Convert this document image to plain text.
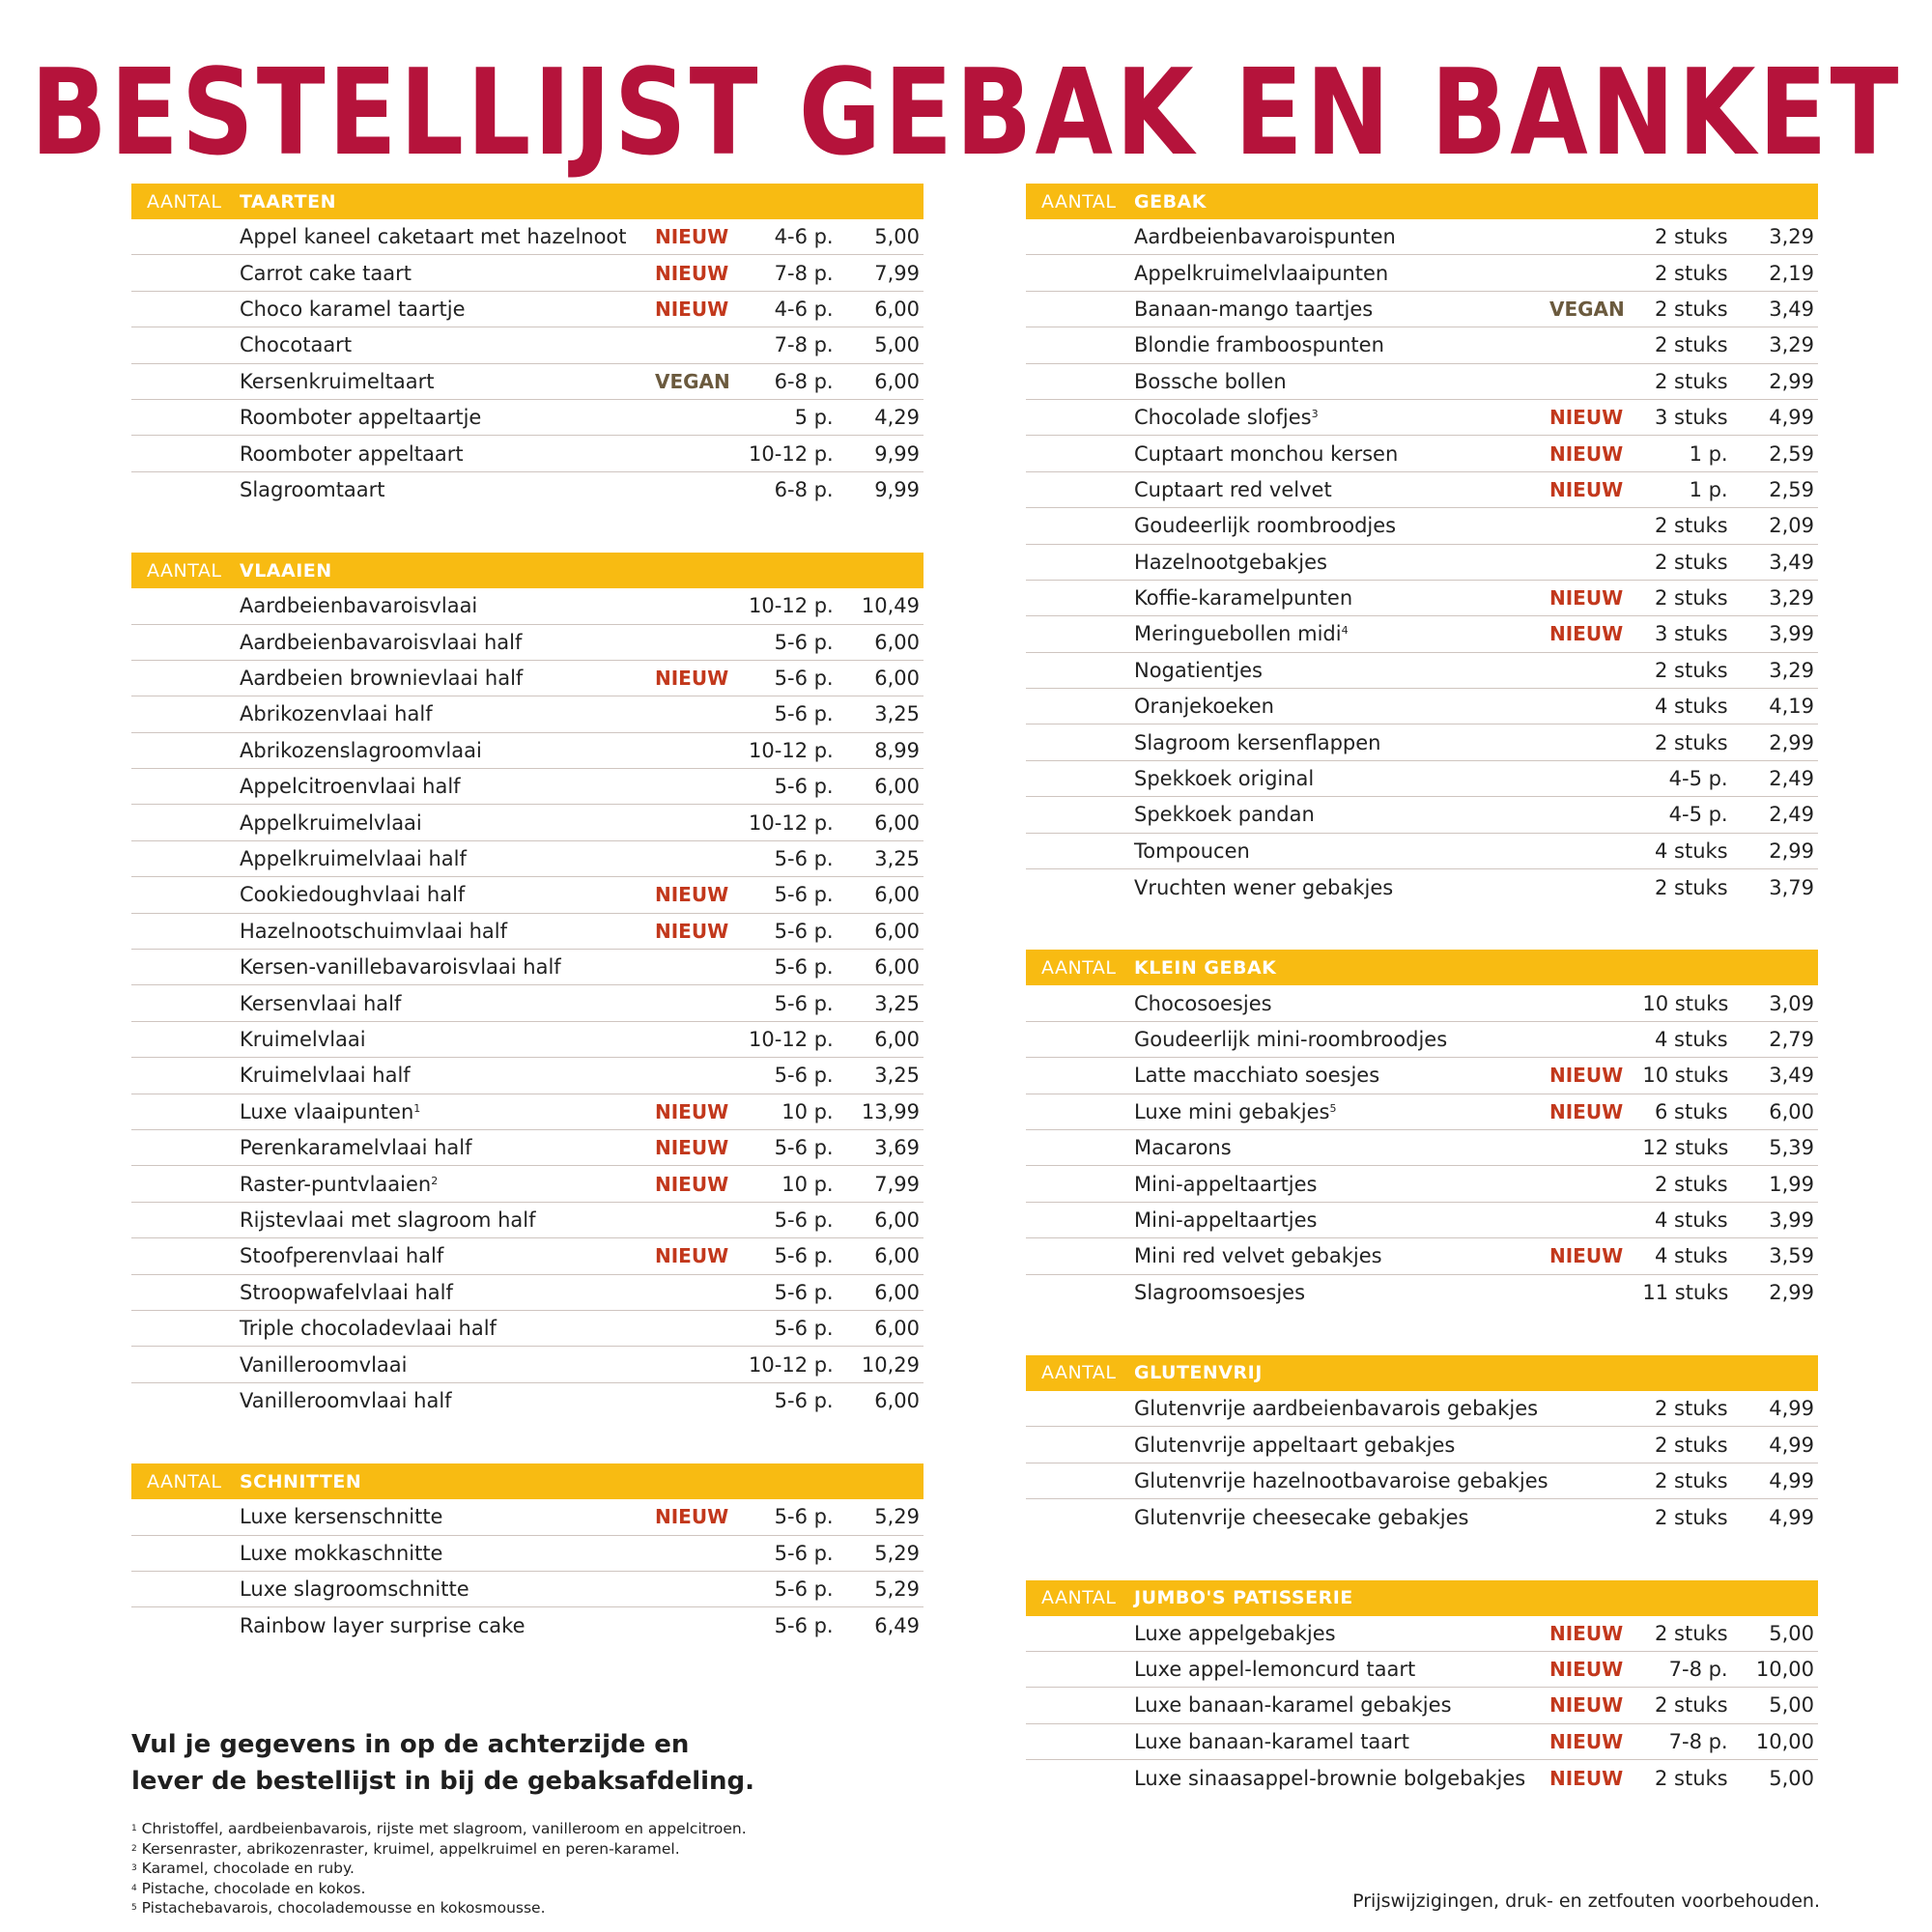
BESTELLIJST GEBAK EN BANKET
AANTAL TAARTEN
Appel kaneel caketaart met hazelnoot	NIEUW	4-6 p.	5,00
Carrot cake taart	NIEUW	7-8 p.	7,99
Choco karamel taartje	NIEUW	4-6 p.	6,00
Chocotaart	7-8 p.	5,00
Kersenkruimeltaart	VEGAN	6-8 p.	6,00
Roomboter appeltaartje	5 p.	4,29
Roomboter appeltaart	10-12 p.	9,99
Slagroomtaart	6-8 p.	9,99
AANTAL VLAAIEN
Aardbeienbavaroisvlaai	10-12 p.	10,49
Aardbeienbavaroisvlaai half	5-6 p.	6,00
Aardbeien brownievlaai half	NIEUW	5-6 p.	6,00
Abrikozenvlaai half	5-6 p.	3,25
Abrikozenslagroomvlaai	10-12 p.	8,99
Appelcitroenvlaai half	5-6 p.	6,00
Appelkruimelvlaai	10-12 p.	6,00
Appelkruimelvlaai half	5-6 p.	3,25
Cookiedoughvlaai half	NIEUW	5-6 p.	6,00
Hazelnootschuimvlaai half	NIEUW	5-6 p.	6,00
Kersen-vanillebavaroisvlaai half	5-6 p.	6,00
Kersenvlaai half	5-6 p.	3,25
Kruimelvlaai	10-12 p.	6,00
Kruimelvlaai half	5-6 p.	3,25
Luxe vlaaipunten$^1$	NIEUW	10 p.	13,99
Perenkaramelvlaai half	NIEUW	5-6 p.	3,69
Raster-puntvlaaien$^2$	NIEUW	10 p.	7,99
Rijstevlaai met slagroom half	5-6 p.	6,00
Stoofperenvlaai half	NIEUW	5-6 p.	6,00
Stroopwafelvlaai half	5-6 p.	6,00
Triple chocoladevlaai half	5-6 p.	6,00
Vanilleroomvlaai	10-12 p.	10,29
Vanilleroomvlaai half	5-6 p.	6,00
AANTAL SCHNITTEN
Luxe kersenschnitte	NIEUW	5-6 p.	5,29
Luxe mokkaschnitte	5-6 p.	5,29
Luxe slagroomschnitte	5-6 p.	5,29
Rainbow layer surprise cake	5-6 p.	6,49
AANTAL GEBAK
Aardbeienbavaroispunten	2 stuks	3,29
Appelkruimelvlaaipunten	2 stuks	2,19
Banaan-mango taartjes	VEGAN	2 stuks	3,49
Blondie framboospunten	2 stuks	3,29
Bossche bollen	2 stuks	2,99
Chocolade slofjes$^3$	NIEUW	3 stuks	4,99
Cuptaart monchou kersen	NIEUW	1 p.	2,59
Cuptaart red velvet	NIEUW	1 p.	2,59
Goudeerlijk roombroodjes	2 stuks	2,09
Hazelnootgebakjes	2 stuks	3,49
Koffie-karamelpunten	NIEUW	2 stuks	3,29
Meringuebollen midi$^4$	NIEUW	3 stuks	3,99
Nogatientjes	2 stuks	3,29
Oranjekoeken	4 stuks	4,19
Slagroom kersenflappen	2 stuks	2,99
Spekkoek original	4-5 p.	2,49
Spekkoek pandan	4-5 p.	2,49
Tompoucen	4 stuks	2,99
Vruchten wener gebakjes	2 stuks	3,79
AANTAL KLEIN GEBAK
Chocosoesjes	10 stuks	3,09
Goudeerlijk mini-roombroodjes	4 stuks	2,79
Latte macchiato soesjes	NIEUW 10 stuks	3,49
Luxe mini gebakjes$^5$	NIEUW	6 stuks	6,00
Macarons	12 stuks	5,39
Mini-appeltaartjes	2 stuks	1,99
Mini-appeltaartjes	4 stuks	3,99
Mini red velvet gebakjes	NIEUW	4 stuks	3,59
Slagroomsoesjes	11 stuks	2,99
AANTAL GLUTENVRIJ
Glutenvrije aardbeienbavarois gebakjes	2 stuks	4,99
Glutenvrije appeltaart gebakjes	2 stuks	4,99
Glutenvrije hazelnootbavaroise gebakjes	2 stuks	4,99
Glutenvrije cheesecake gebakjes	2 stuks	4,99
AANTAL JUMBO'S PATISSERIE
Luxe appelgebakjes	NIEUW	2 stuks	5,00
Luxe appel-lemoncurd taart	NIEUW	7-8 p.	10,00
Luxe banaan-karamel gebakjes	NIEUW	2 stuks	5,00
Luxe banaan-karamel taart	NIEUW	7-8 p.	10,00
Luxe sinaasappel-brownie bolgebakjes	NIEUW	2 stuks	5,00
Vul je gegevens in op de achterzijde en
lever de bestellijst in bij de gebaksafdeling.
$^1$ Christoffel, aardbeienbavarois, rijste met slagroom, vanilleroom en appelcitroen.
$^2$ Kersenraster, abrikozenraster, kruimel, appelkruimel en peren-karamel.
$^3$ Karamel, chocolade en ruby.
$^4$ Pistache, chocolade en kokos.
$^5$ Pistachebavarois, chocolademousse en kokosmousse.	Prijswijzigingen, druk- en zetfouten voorbehouden.
